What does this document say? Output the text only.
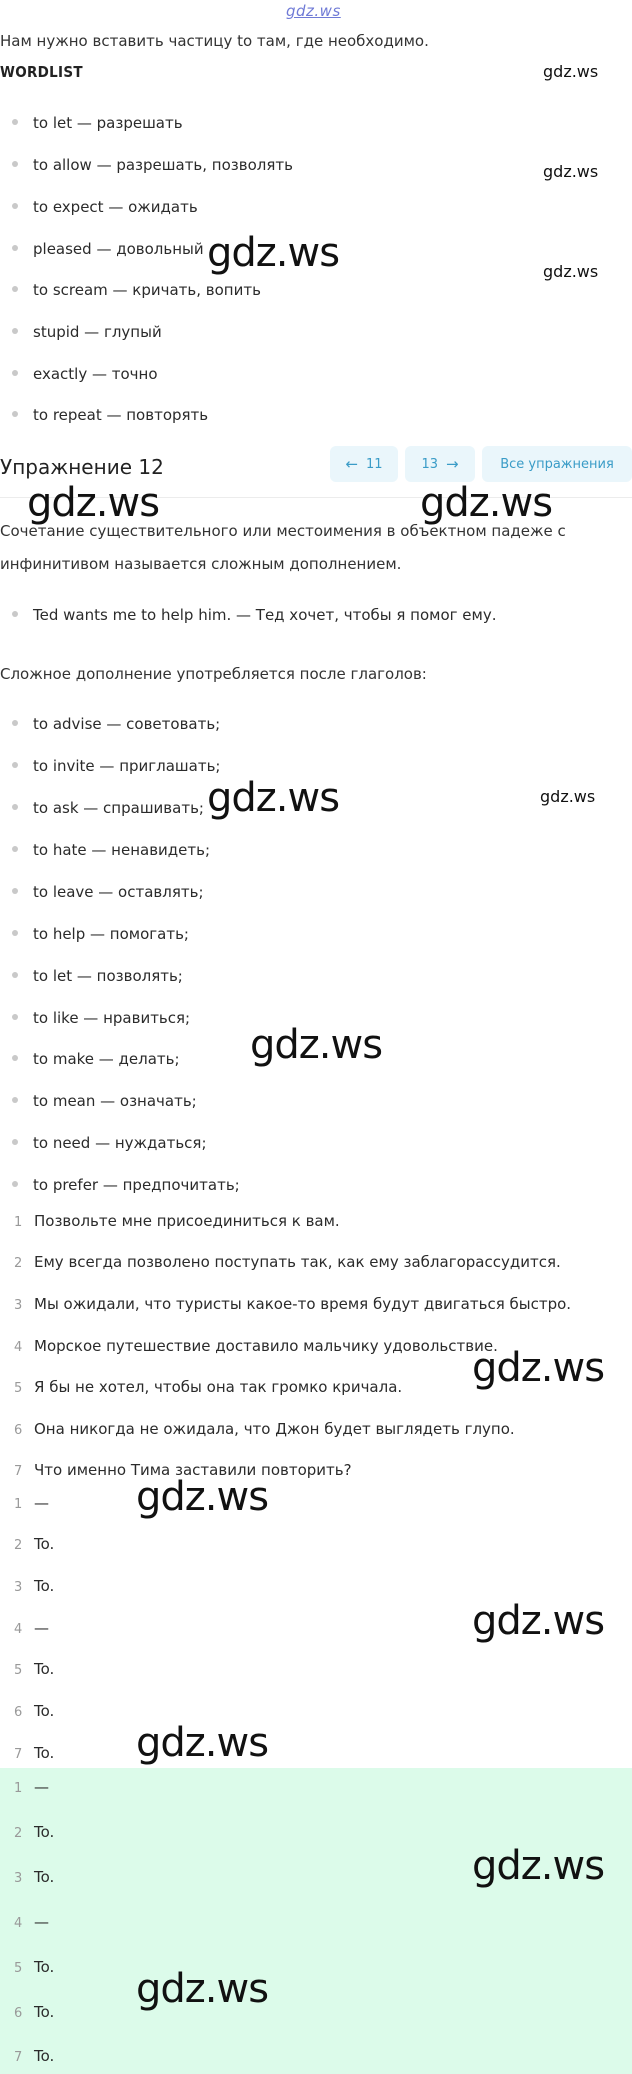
gdz.ws
Нам нужно вставить частицу to там, где необходимо.
WORDLIST
to let — разрешать
to allow — разрешать, позволять
to expect — ожидать
pleased — довольный
to scream — кричать, вопить
stupid — глупый
exactly — точно
to repeat — повторять
Упражнение 12	← 11	13 →	Все упражнения
Сочетание существительного или местоимения в объектном падеже с
инфинитивом называется сложным дополнением.
Ted wants me to help him. — Тед хочет, чтобы я помог ему.
Сложное дополнение употребляется после глаголов:
to advise — советовать;
to invite — приглашать;
to ask — спрашивать;
to hate — ненавидеть;
to leave — оставлять;
to help — помогать;
to let — позволять;
to like — нравиться;
to make — делать;
to mean — означать;
to need — нуждаться;
to prefer — предпочитать;
1 Позвольте мне присоединиться к вам.
2 Ему всегда позволено поступать так, как ему заблагорассудится.
3 Мы ожидали, что туристы какое-то время будут двигаться быстро.
4 Морское путешествие доставило мальчику удовольствие.
5 Я бы не хотел, чтобы она так громко кричала.
6 Она никогда не ожидала, что Джон будет выглядеть глупо.
7 Что именно Тима заставили повторить?
1 —
2 To.
3 To.
4 —
5 To.
6 To.
7 To.
1 —
2 To.
3 To.
4 —
5 To.
6 To.
7 To.
gdz.ws
gdz.ws
gdz.ws
gdz.ws
gdz.ws
gdz.ws	gdz.ws
gdz.ws
gdz.ws
gdz.ws
gdz.ws
gdz.ws
gdz.ws
gdz.ws
gdz.ws
